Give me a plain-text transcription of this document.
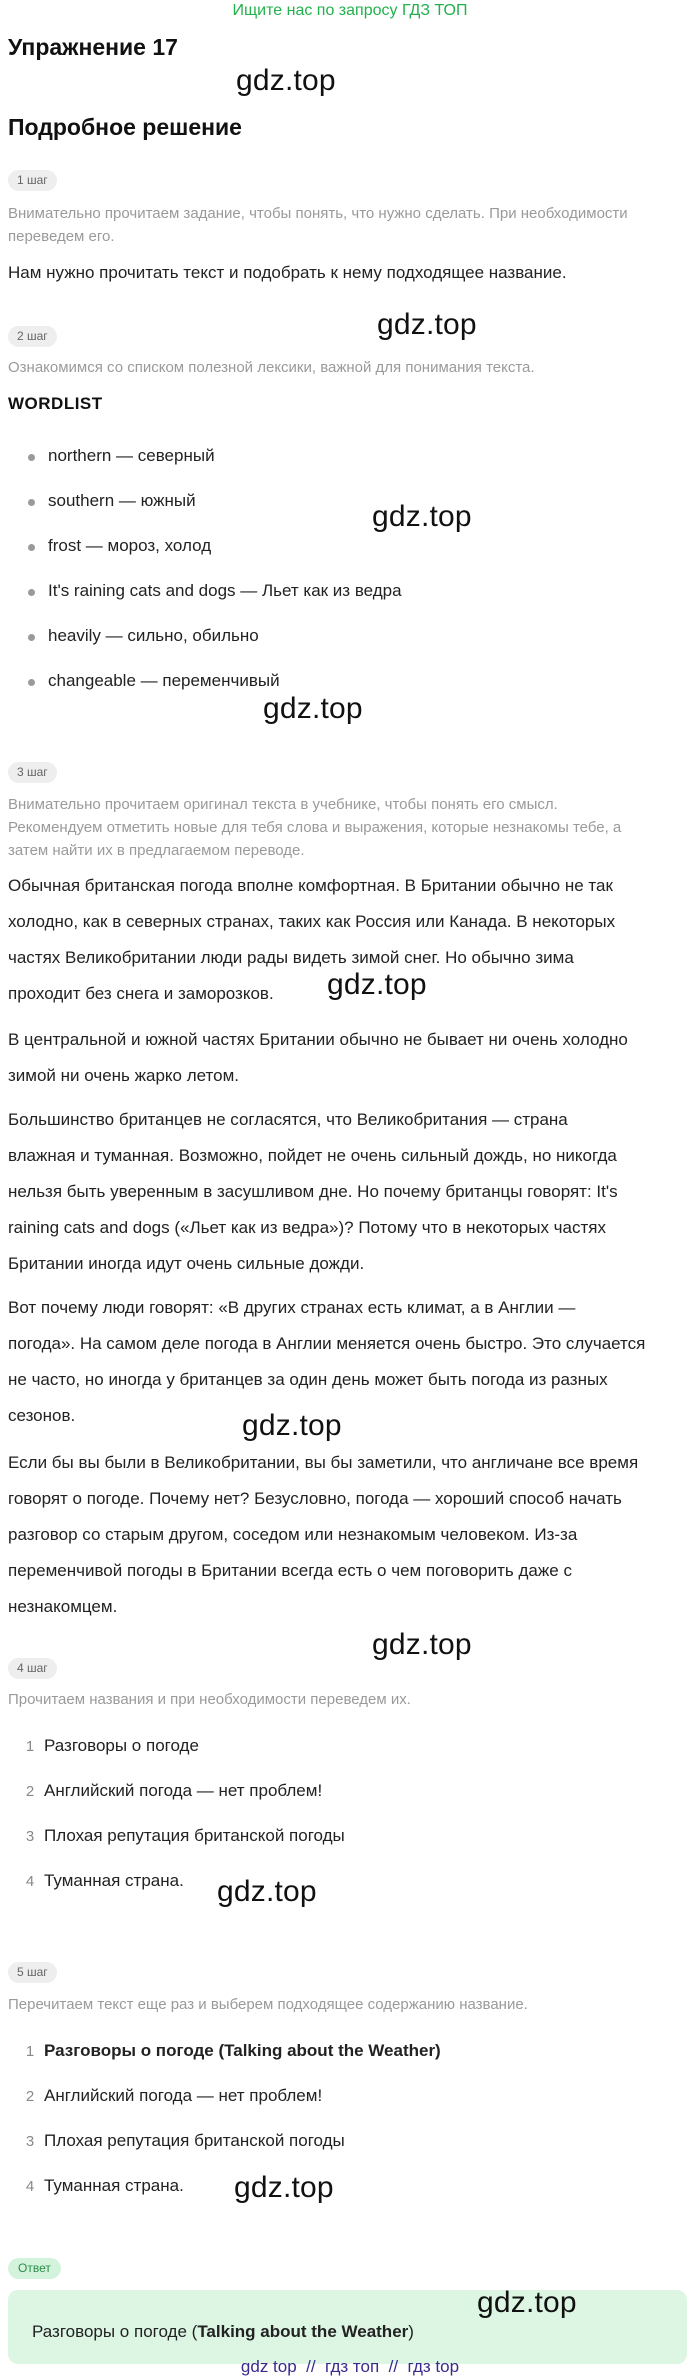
Ищите нас по запросу ГДЗ ТОП
Упражнение 17
gdz.top
Подробное решение
1 шаг
Внимательно прочитаем задание, чтобы понять, что нужно сделать. При необходимости
переведем его.
Нам нужно прочитать текст и подобрать к нему подходящее название.
gdz.top
2 шаг
Ознакомимся со списком полезной лексики, важной для понимания текста.
WORDLIST
northern — северный
southern — южный	gdz.top
frost — мороз, холод
It's raining cats and dogs — Льет как из ведра
heavily — сильно, обильно
changeable — переменчивый
gdz.top
3 шаг
Внимательно прочитаем оригинал текста в учебнике, чтобы понять его смысл.
Рекомендуем отметить новые для тебя слова и выражения, которые незнакомы тебе, а
затем найти их в предлагаемом переводе.
Обычная британская погода вполне комфортная. В Британии обычно не так
холодно, как в северных странах, таких как Россия или Канада. В некоторых
частях Великобритании люди рады видеть зимой снег. Но обычно зима
проходит без снега и заморозков.	gdz.top
В центральной и южной частях Британии обычно не бывает ни очень холодно
зимой ни очень жарко летом.
Большинство британцев не согласятся, что Великобритания — страна
влажная и туманная. Возможно, пойдет не очень сильный дождь, но никогда
нельзя быть уверенным в засушливом дне. Но почему британцы говорят: It's
raining cats and dogs («Льет как из ведра»)? Потому что в некоторых частях
Британии иногда идут очень сильные дожди.
Вот почему люди говорят: «В других странах есть климат, а в Англии —
погода». На самом деле погода в Англии меняется очень быстро. Это случается
не часто, но иногда у британцев за один день может быть погода из разных
сезонов.	gdz.top
Если бы вы были в Великобритании, вы бы заметили, что англичане все время
говорят о погоде. Почему нет? Безусловно, погода — хороший способ начать
разговор со старым другом, соседом или незнакомым человеком. Из-за
переменчивой погоды в Британии всегда есть о чем поговорить даже с
незнакомцем.
gdz.top
4 шаг
Прочитаем названия и при необходимости переведем их.
1 Разговоры о погоде
2 Английский погода — нет проблем!
3 Плохая репутация британской погоды
4 Туманная страна. gdz.top
5 шаг
Перечитаем текст еще раз и выберем подходящее содержанию название.
1 Разговоры о погоде (Talking about the Weather)
2 Английский погода — нет проблем!
3 Плохая репутация британской погоды
4 Туманная страна. gdz.top
Ответ
gdz.top
Разговоры о погоде (Talking about the Weather)
gdz top // гдз топ // гдз top
